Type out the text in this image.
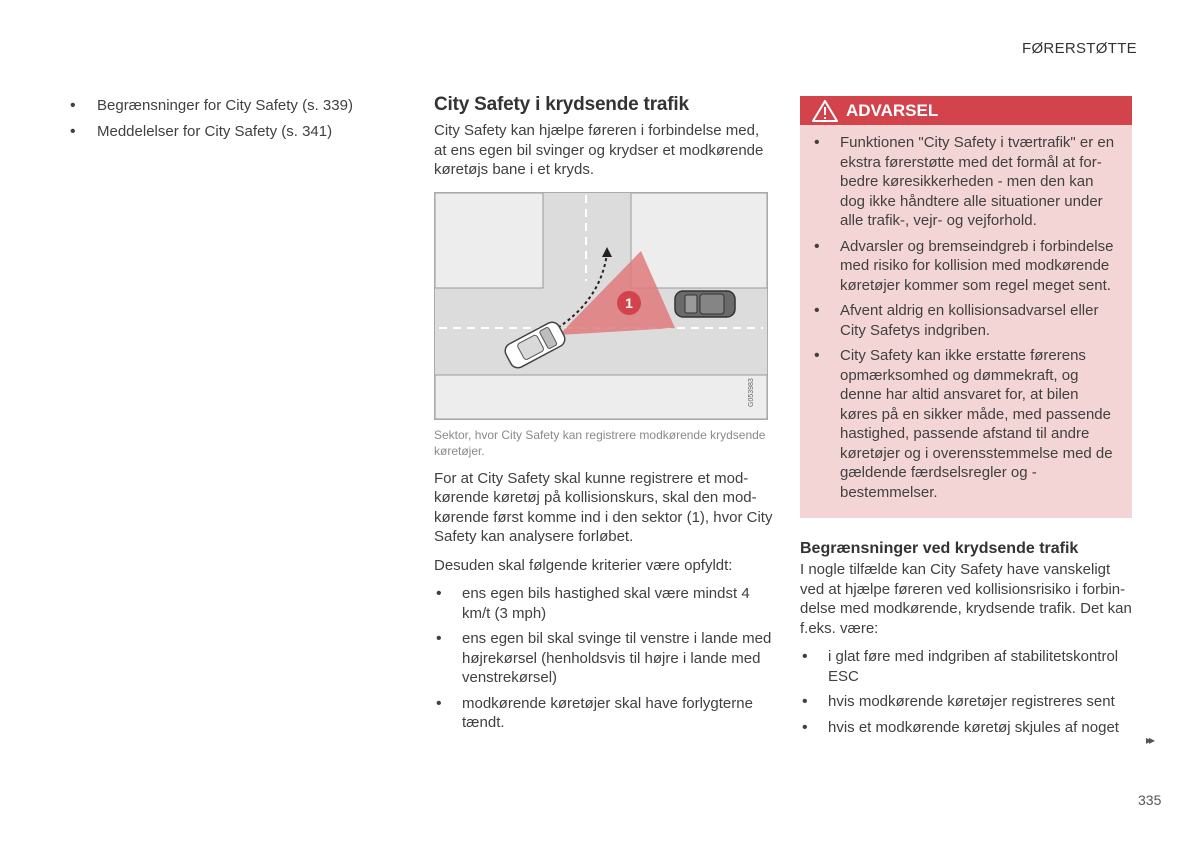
FØRERSTØTTE
• Begrænsninger for City Safety (s. 339)
• Meddelelser for City Safety (s. 341)
City Safety i krydsende trafik

City Safety kan hjælpe føreren i forbindelse med, at ens egen bil svinger og krydser et modkørende køretøjs bane i et kryds.

1
G053983

Sektor, hvor City Safety kan registrere modkørende krydsende køretøjer.

For at City Safety skal kunne registrere et modkørende køretøj på kollisionskurs, skal den modkørende først komme ind i den sektor (1), hvor City Safety kan analysere forløbet.

Desuden skal følgende kriterier være opfyldt:

• ens egen bils hastighed skal være mindst 4 km/t (3 mph)
• ens egen bil skal svinge til venstre i lande med højrekørsel (henholdsvis til højre i lande med venstrekørsel)
• modkørende køretøjer skal have forlygterne tændt.
ADVARSEL
• Funktionen "City Safety i tværtrafik" er en ekstra førerstøtte med det formål at forbedre køresikkerheden - men den kan dog ikke håndtere alle situationer under alle trafik-, vejr- og vejforhold.
• Advarsler og bremseindgreb i forbindelse med risiko for kollision med modkørende køretøjer kommer som regel meget sent.
• Afvent aldrig en kollisionsadvarsel eller City Safetys indgriben.
• City Safety kan ikke erstatte førerens opmærksomhed og dømmekraft, og denne har altid ansvaret for, at bilen køres på en sikker måde, med passende hastighed, passende afstand til andre køretøjer og i overensstemmelse med de gældende færdselsregler og -bestemmelser.
Begrænsninger ved krydsende trafik

I nogle tilfælde kan City Safety have vanskeligt ved at hjælpe føreren ved kollisionsrisiko i forbindelse med modkørende, krydsende trafik. Det kan f.eks. være:

• i glat føre med indgriben af stabilitetskontrol ESC
• hvis modkørende køretøjer registreres sent
• hvis et modkørende køretøj skjules af noget
▸▸
335
